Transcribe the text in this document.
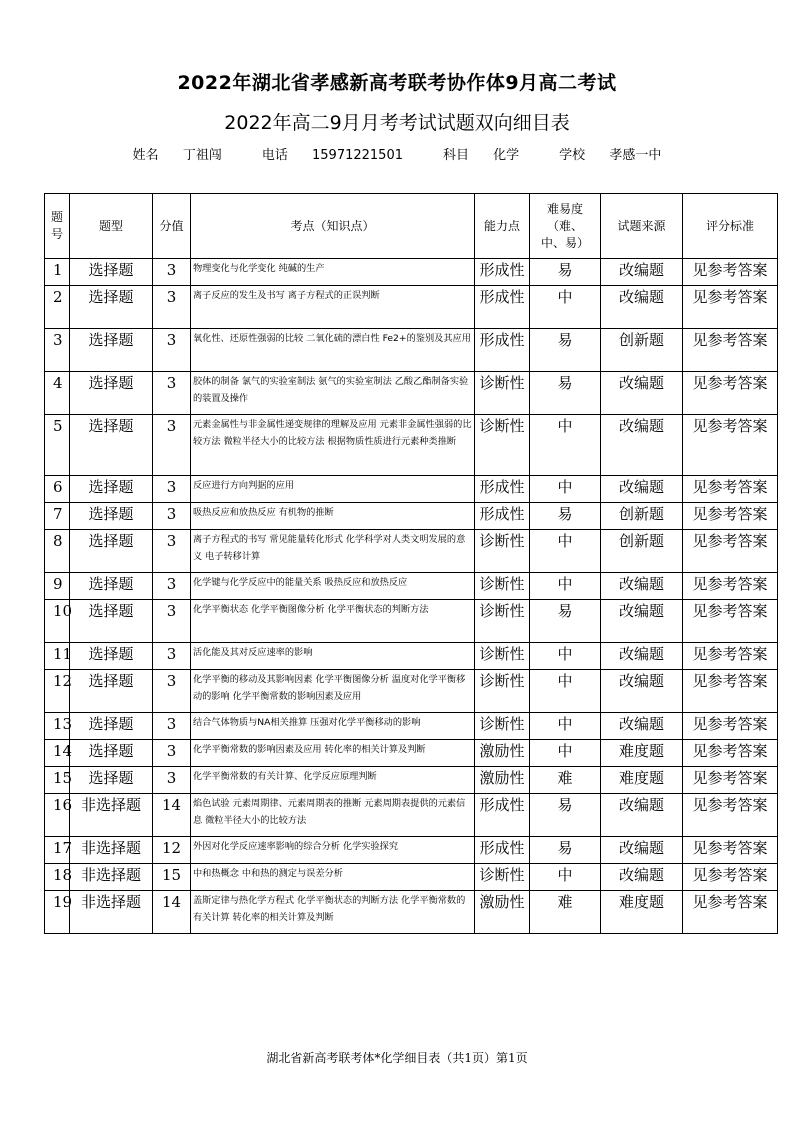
2022年湖北省孝感新高考联考协作体9月高二考试
2022年高二9月月考考试试题双向细目表
姓名 丁祖闯	电话 15971221501	科目 化学	学校 孝感一中
题号	题型	分值	考点（知识点）	能力点	难易度（难、中、易）	试题来源	评分标准
1	选择题	3	物理变化与化学变化 纯碱的生产	形成性	易	改编题	见参考答案
2	选择题	3	离子反应的发生及书写 离子方程式的正误判断	形成性	中	改编题	见参考答案
3	选择题	3	氧化性、还原性强弱的比较 二氧化硫的漂白性 Fe2+的鉴别及其应用	形成性	易	创新题	见参考答案
4	选择题	3	胶体的制备 氯气的实验室制法 氨气的实验室制法 乙酸乙酯制备实验的装置及操作	诊断性	易	改编题	见参考答案
5	选择题	3	元素金属性与非金属性递变规律的理解及应用 元素非金属性强弱的比较方法 微粒半径大小的比较方法 根据物质性质进行元素种类推断	诊断性	中	改编题	见参考答案
6	选择题	3	反应进行方向判据的应用	形成性	中	改编题	见参考答案
7	选择题	3	吸热反应和放热反应 有机物的推断	形成性	易	创新题	见参考答案
8	选择题	3	离子方程式的书写 常见能量转化形式 化学科学对人类文明发展的意义 电子转移计算	诊断性	中	创新题	见参考答案
9	选择题	3	化学键与化学反应中的能量关系 吸热反应和放热反应	诊断性	中	改编题	见参考答案
10	选择题	3	化学平衡状态 化学平衡图像分析 化学平衡状态的判断方法	诊断性	易	改编题	见参考答案
11	选择题	3	活化能及其对反应速率的影响	诊断性	中	改编题	见参考答案
12	选择题	3	化学平衡的移动及其影响因素 化学平衡图像分析 温度对化学平衡移动的影响 化学平衡常数的影响因素及应用	诊断性	中	改编题	见参考答案
13	选择题	3	结合气体物质与NA相关推算 压强对化学平衡移动的影响	诊断性	中	改编题	见参考答案
14	选择题	3	化学平衡常数的影响因素及应用 转化率的相关计算及判断	激励性	中	难度题	见参考答案
15	选择题	3	化学平衡常数的有关计算、化学反应原理判断	激励性	难	难度题	见参考答案
16	非选择题	14	焰色试验 元素周期律、元素周期表的推断 元素周期表提供的元素信息 微粒半径大小的比较方法	形成性	易	改编题	见参考答案
17	非选择题	12	外因对化学反应速率影响的综合分析 化学实验探究	形成性	易	改编题	见参考答案
18	非选择题	15	中和热概念 中和热的测定与误差分析	诊断性	中	改编题	见参考答案
19	非选择题	14	盖斯定律与热化学方程式 化学平衡状态的判断方法 化学平衡常数的有关计算 转化率的相关计算及判断	激励性	难	难度题	见参考答案
湖北省新高考联考体*化学细目表（共1页）第1页
